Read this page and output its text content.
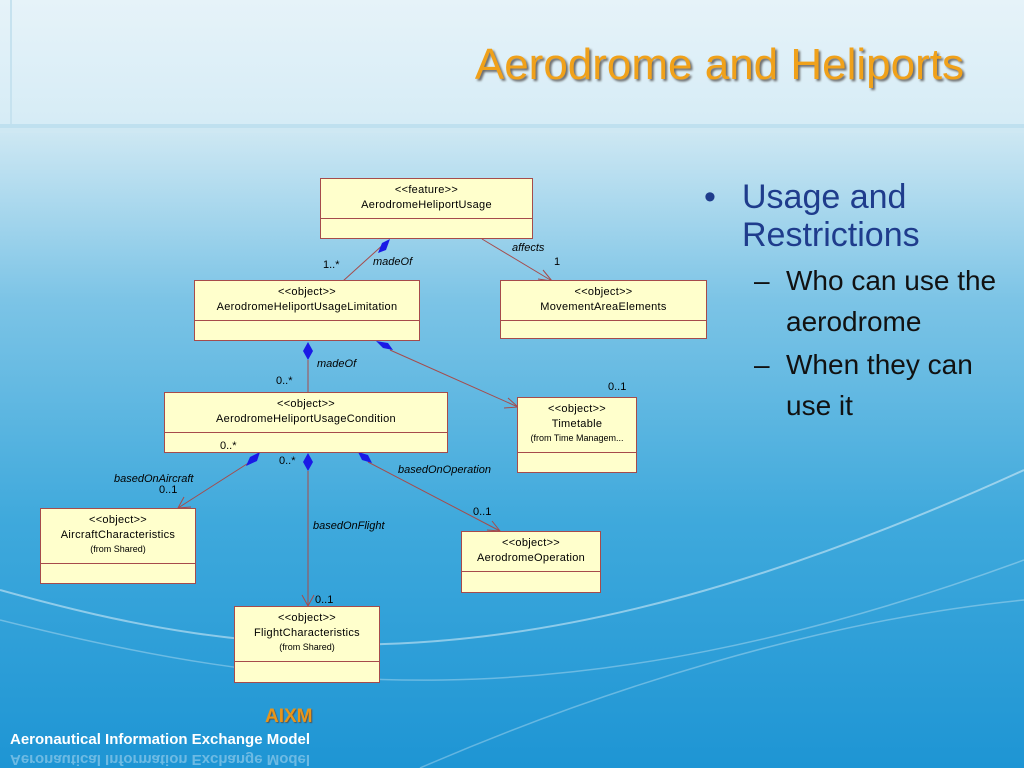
Aerodrome and Heliports
<<feature>>
AerodromeHeliportUsage
<<object>>
AerodromeHeliportUsageLimitation
<<object>>
MovementAreaElements
<<object>>
AerodromeHeliportUsageCondition
<<object>>
Timetable
(from Time Managem...
<<object>>
AircraftCharacteristics
(from Shared)	<<object>>
AerodromeOperation
<<object>>
FlightCharacteristics
(from Shared)
affects
1
madeOf
1..*
madeOf
0..*	0..1
0..*
0..*
basedOnAircraft
0..1
basedOnOperation
0..1
basedOnFlight
0..1
• Usage and Restrictions
– Who can use the aerodrome
– When they can use it
AIXM
Aeronautical Information Exchange Model
Aeronautical Information Exchange Model
